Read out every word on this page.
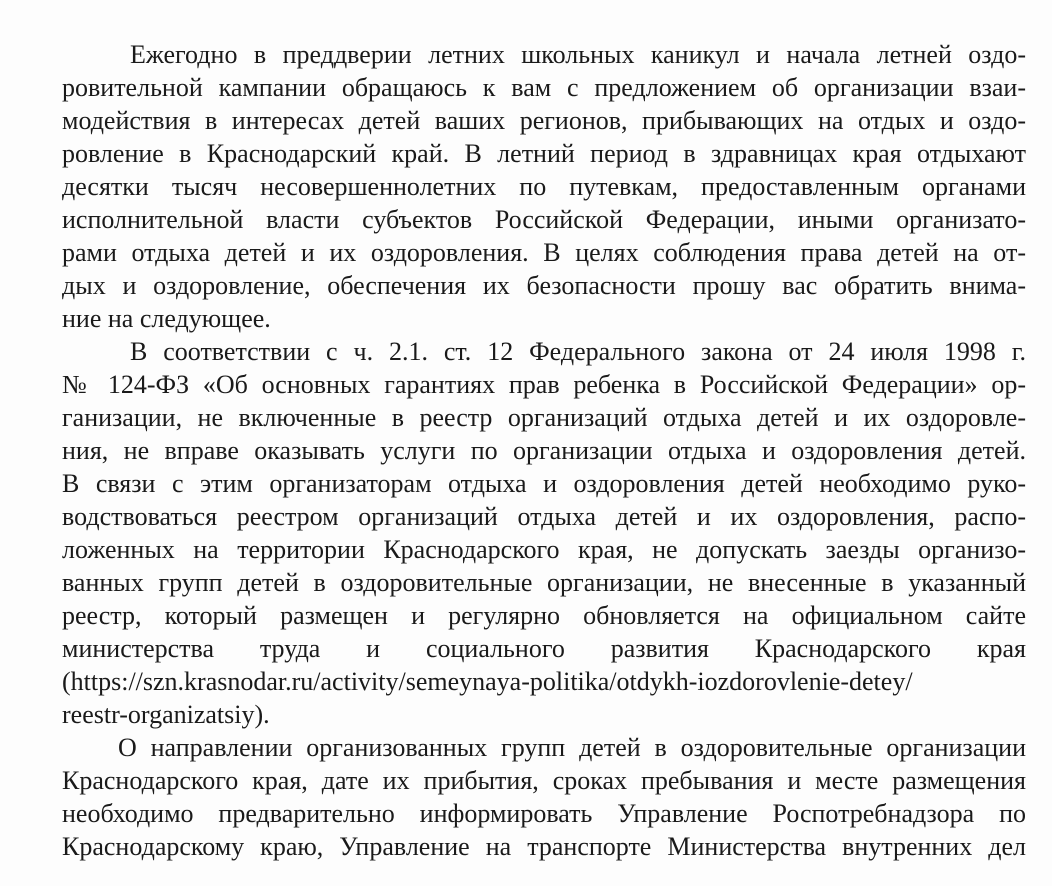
Ежегодно в преддверии летних школьных каникул и начала летней оздо-
ровительной кампании обращаюсь к вам с предложением об организации взаи-
модействия в интересах детей ваших регионов, прибывающих на отдых и оздо-
ровление в Краснодарский край. В летний период в здравницах края отдыхают
десятки тысяч несовершеннолетних по путевкам, предоставленным органами
исполнительной власти субъектов Российской Федерации, иными организато-
рами отдыха детей и их оздоровления. В целях соблюдения права детей на от-
дых и оздоровление, обеспечения их безопасности прошу вас обратить внима-
ние на следующее.
В соответствии с ч. 2.1. ст. 12 Федерального закона от 24 июля 1998 г.
№ 124-ФЗ «Об основных гарантиях прав ребенка в Российской Федерации» ор-
ганизации, не включенные в реестр организаций отдыха детей и их оздоровле-
ния, не вправе оказывать услуги по организации отдыха и оздоровления детей.
В связи с этим организаторам отдыха и оздоровления детей необходимо руко-
водствоваться реестром организаций отдыха детей и их оздоровления, распо-
ложенных на территории Краснодарского края, не допускать заезды организо-
ванных групп детей в оздоровительные организации, не внесенные в указанный
реестр, который размещен и регулярно обновляется на официальном сайте
министерства труда и социального развития Краснодарского края
(https://szn.krasnodar.ru/activity/semeynaya-politika/otdykh-iozdorovlenie-detey/
reestr-organizatsiy).
О направлении организованных групп детей в оздоровительные организации
Краснодарского края, дате их прибытия, сроках пребывания и месте размещения
необходимо предварительно информировать Управление Роспотребнадзора по
Краснодарскому краю, Управление на транспорте Министерства внутренних дел
